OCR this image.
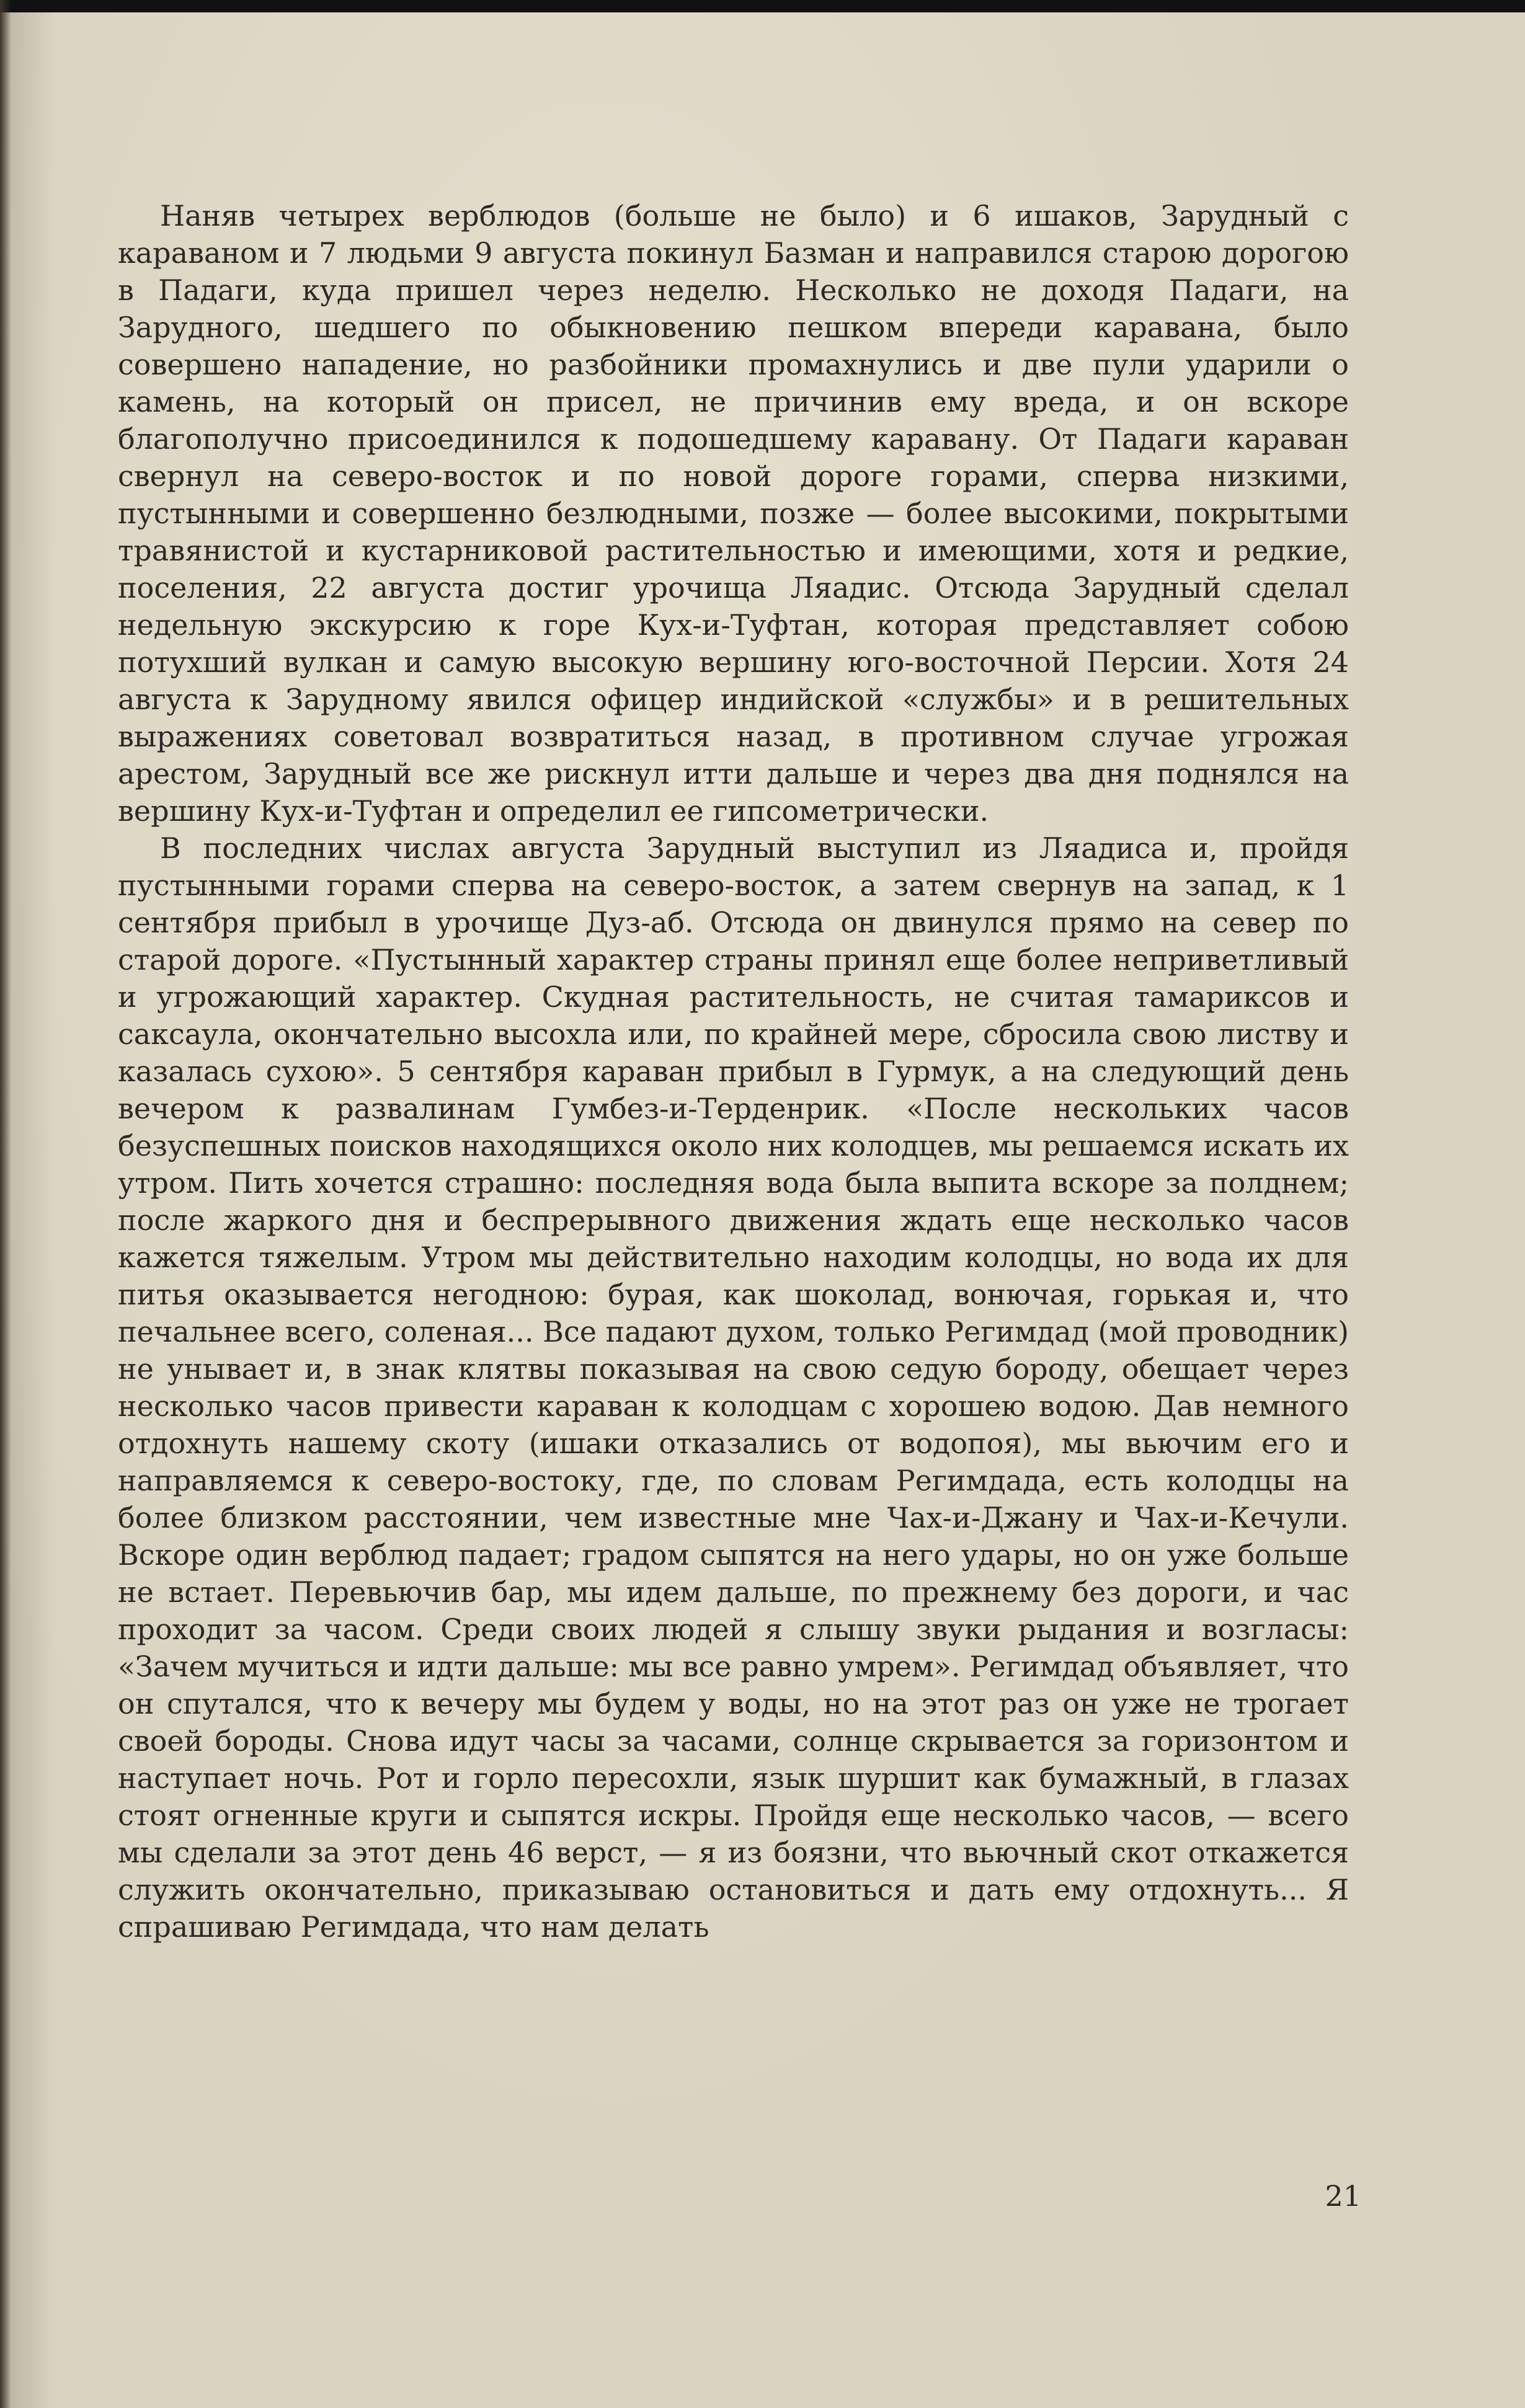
Наняв четырех верблюдов (больше не было) и 6 ишаков, Зарудный с караваном и 7 людьми 9 августа покинул Базман и направился старою дорогою в Падаги, куда пришел через неделю. Несколько не доходя Падаги, на Зарудного, шедшего по обыкновению пешком впереди каравана, было совершено нападение, но разбойники промахнулись и две пули ударили о камень, на который он присел, не причинив ему вреда, и он вскоре благополучно присоединился к подошедшему каравану. От Падаги караван свернул на северо-восток и по новой дороге горами, сперва низкими, пустынными и совершенно безлюдными, позже — более высокими, покрытыми травянистой и кустарниковой растительностью и имеющими, хотя и редкие, поселения, 22 августа достиг урочища Ляадис. Отсюда Зарудный сделал недельную экскурсию к горе Кух-и-Туфтан, которая представляет собою потухший вулкан и самую высокую вершину юго-восточной Персии. Хотя 24 августа к Зарудному явился офицер индийской «службы» и в решительных выражениях советовал возвратиться назад, в противном случае угрожая арестом, Зарудный все же рискнул итти дальше и через два дня поднялся на вершину Кух-и-Туфтан и определил ее гипсометрически.

В последних числах августа Зарудный выступил из Ляадиса и, пройдя пустынными горами сперва на северо-восток, а затем свернув на запад, к 1 сентября прибыл в урочище Дуз-аб. Отсюда он двинулся прямо на север по старой дороге. «Пустынный характер страны принял еще более неприветливый и угрожающий характер. Скудная растительность, не считая тамариксов и саксаула, окончательно высохла или, по крайней мере, сбросила свою листву и казалась сухою». 5 сентября караван прибыл в Гурмук, а на следующий день вечером к развалинам Гумбез-и-Терденрик. «После нескольких часов безуспешных поисков находящихся около них колодцев, мы решаемся искать их утром. Пить хочется страшно: последняя вода была выпита вскоре за полднем; после жаркого дня и беспрерывного движения ждать еще несколько часов кажется тяжелым. Утром мы действительно находим колодцы, но вода их для питья оказывается негодною: бурая, как шоколад, вонючая, горькая и, что печальнее всего, соленая... Все падают духом, только Регимдад (мой проводник) не унывает и, в знак клятвы показывая на свою седую бороду, обещает через несколько часов привести караван к колодцам с хорошею водою. Дав немного отдохнуть нашему скоту (ишаки отказались от водопоя), мы вьючим его и направляемся к северо-востоку, где, по словам Регимдада, есть колодцы на более близком расстоянии, чем известные мне Чах-и-Джану и Чах-и-Кечули. Вскоре один верблюд падает; градом сыпятся на него удары, но он уже больше не встает. Перевьючив бар, мы идем дальше, по прежнему без дороги, и час проходит за часом. Среди своих людей я слышу звуки рыдания и возгласы: «Зачем мучиться и идти дальше: мы все равно умрем». Регимдад объявляет, что он спутался, что к вечеру мы будем у воды, но на этот раз он уже не трогает своей бороды. Снова идут часы за часами, солнце скрывается за горизонтом и наступает ночь. Рот и горло пересохли, язык шуршит как бумажный, в глазах стоят огненные круги и сыпятся искры. Пройдя еще несколько часов, — всего мы сделали за этот день 46 верст, — я из боязни, что вьючный скот откажется служить окончательно, приказываю остановиться и дать ему отдохнуть... Я спрашиваю Регимдада, что нам делать

21
